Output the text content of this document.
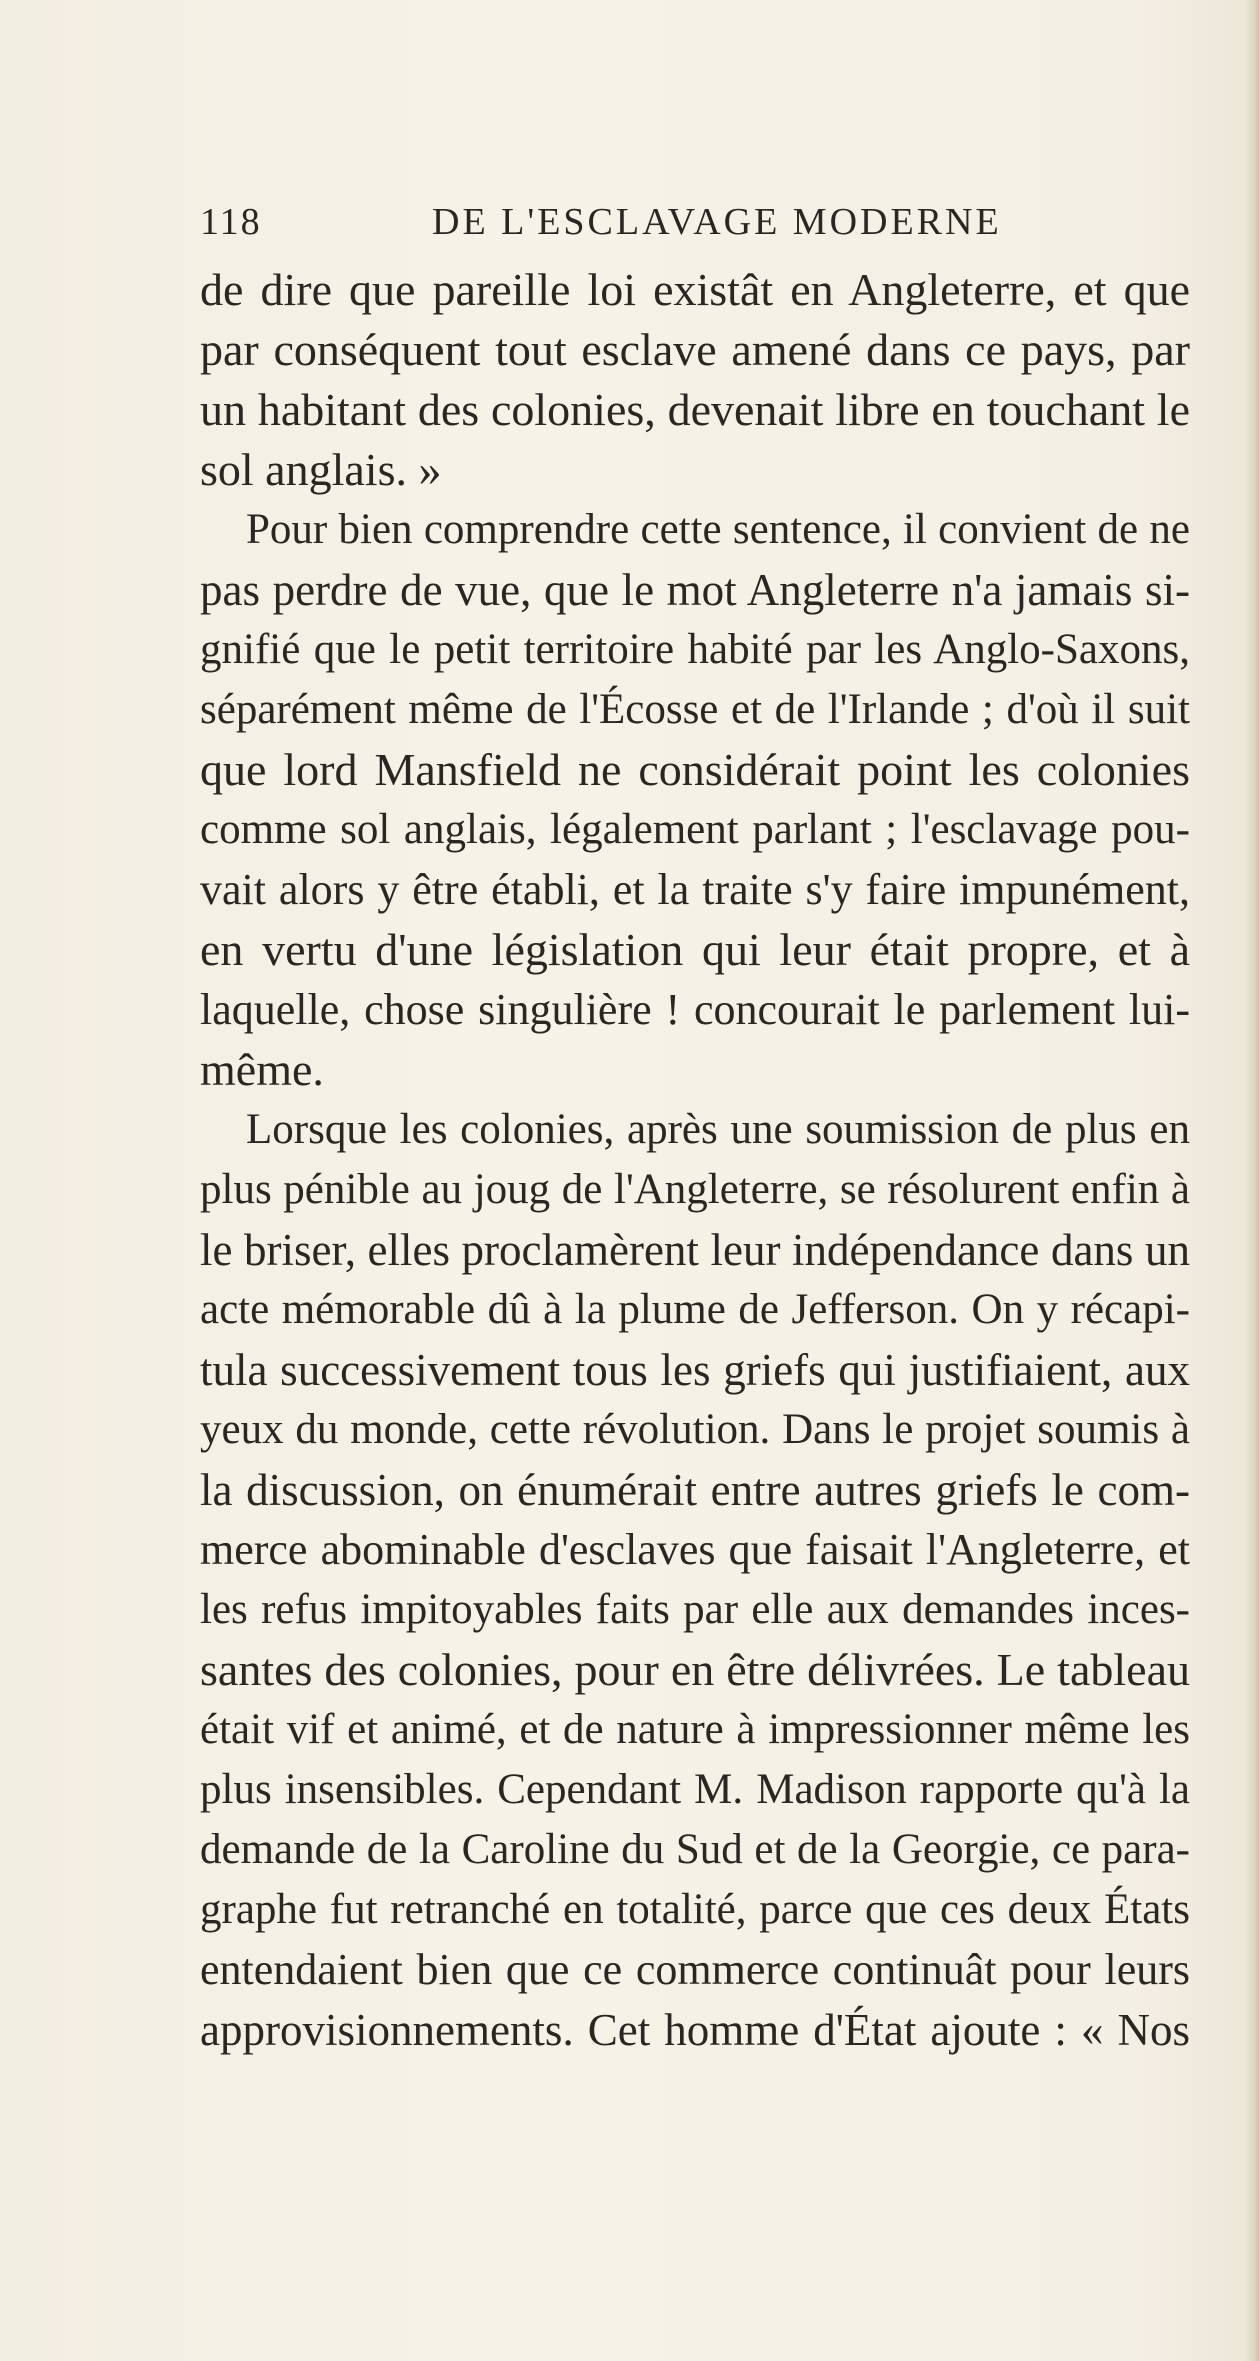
118	DE L'ESCLAVAGE MODERNE
de dire que pareille loi existât en Angleterre, et que
par conséquent tout esclave amené dans ce pays, par
un habitant des colonies, devenait libre en touchant le
sol anglais. »
Pour bien comprendre cette sentence, il convient de ne
pas perdre de vue, que le mot Angleterre n'a jamais si-
gnifié que le petit territoire habité par les Anglo-Saxons,
séparément même de l'Écosse et de l'Irlande ; d'où il suit
que lord Mansfield ne considérait point les colonies
comme sol anglais, légalement parlant ; l'esclavage pou-
vait alors y être établi, et la traite s'y faire impunément,
en vertu d'une législation qui leur était propre, et à
laquelle, chose singulière ! concourait le parlement lui-
même.
Lorsque les colonies, après une soumission de plus en
plus pénible au joug de l'Angleterre, se résolurent enfin à
le briser, elles proclamèrent leur indépendance dans un
acte mémorable dû à la plume de Jefferson. On y récapi-
tula successivement tous les griefs qui justifiaient, aux
yeux du monde, cette révolution. Dans le projet soumis à
la discussion, on énumérait entre autres griefs le com-
merce abominable d'esclaves que faisait l'Angleterre, et
les refus impitoyables faits par elle aux demandes inces-
santes des colonies, pour en être délivrées. Le tableau
était vif et animé, et de nature à impressionner même les
plus insensibles. Cependant M. Madison rapporte qu'à la
demande de la Caroline du Sud et de la Georgie, ce para-
graphe fut retranché en totalité, parce que ces deux États
entendaient bien que ce commerce continuât pour leurs
approvisionnements. Cet homme d'État ajoute : « Nos
